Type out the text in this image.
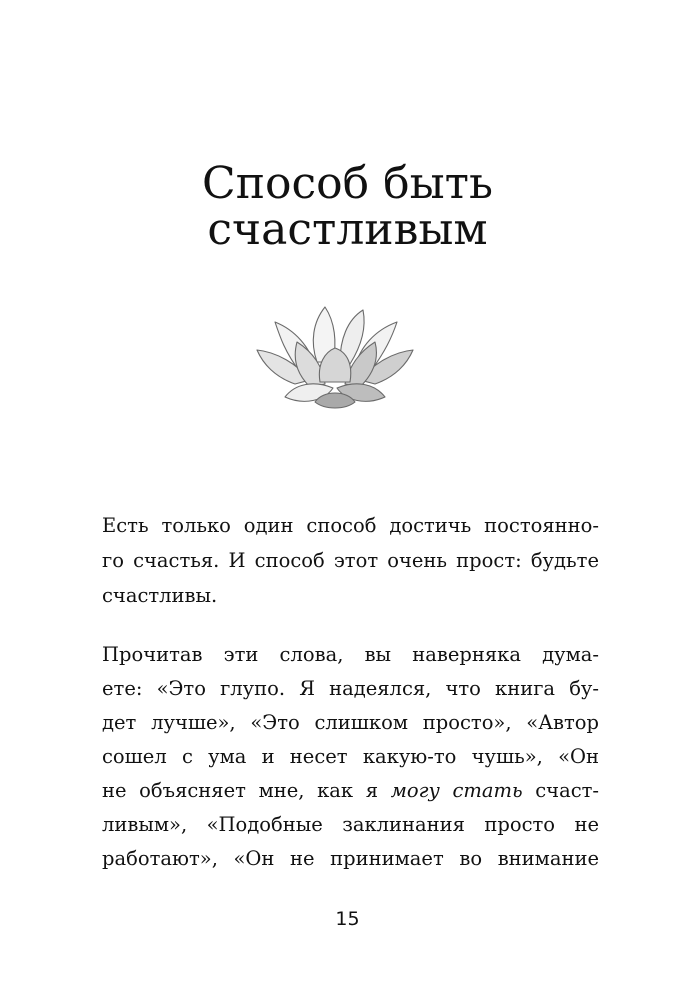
Способ быть
счастливым
Есть только один способ достичь постоянно-
го счастья. И способ этот очень прост: будьте
счастливы.
Прочитав эти слова, вы наверняка дума-
ете: «Это глупо. Я надеялся, что книга бу-
дет лучше», «Это слишком просто», «Автор
сошел с ума и несет какую-то чушь», «Он
не объясняет мне, как я могу стать счаст-
ливым», «Подобные заклинания просто не
работают», «Он не принимает во внимание
15
